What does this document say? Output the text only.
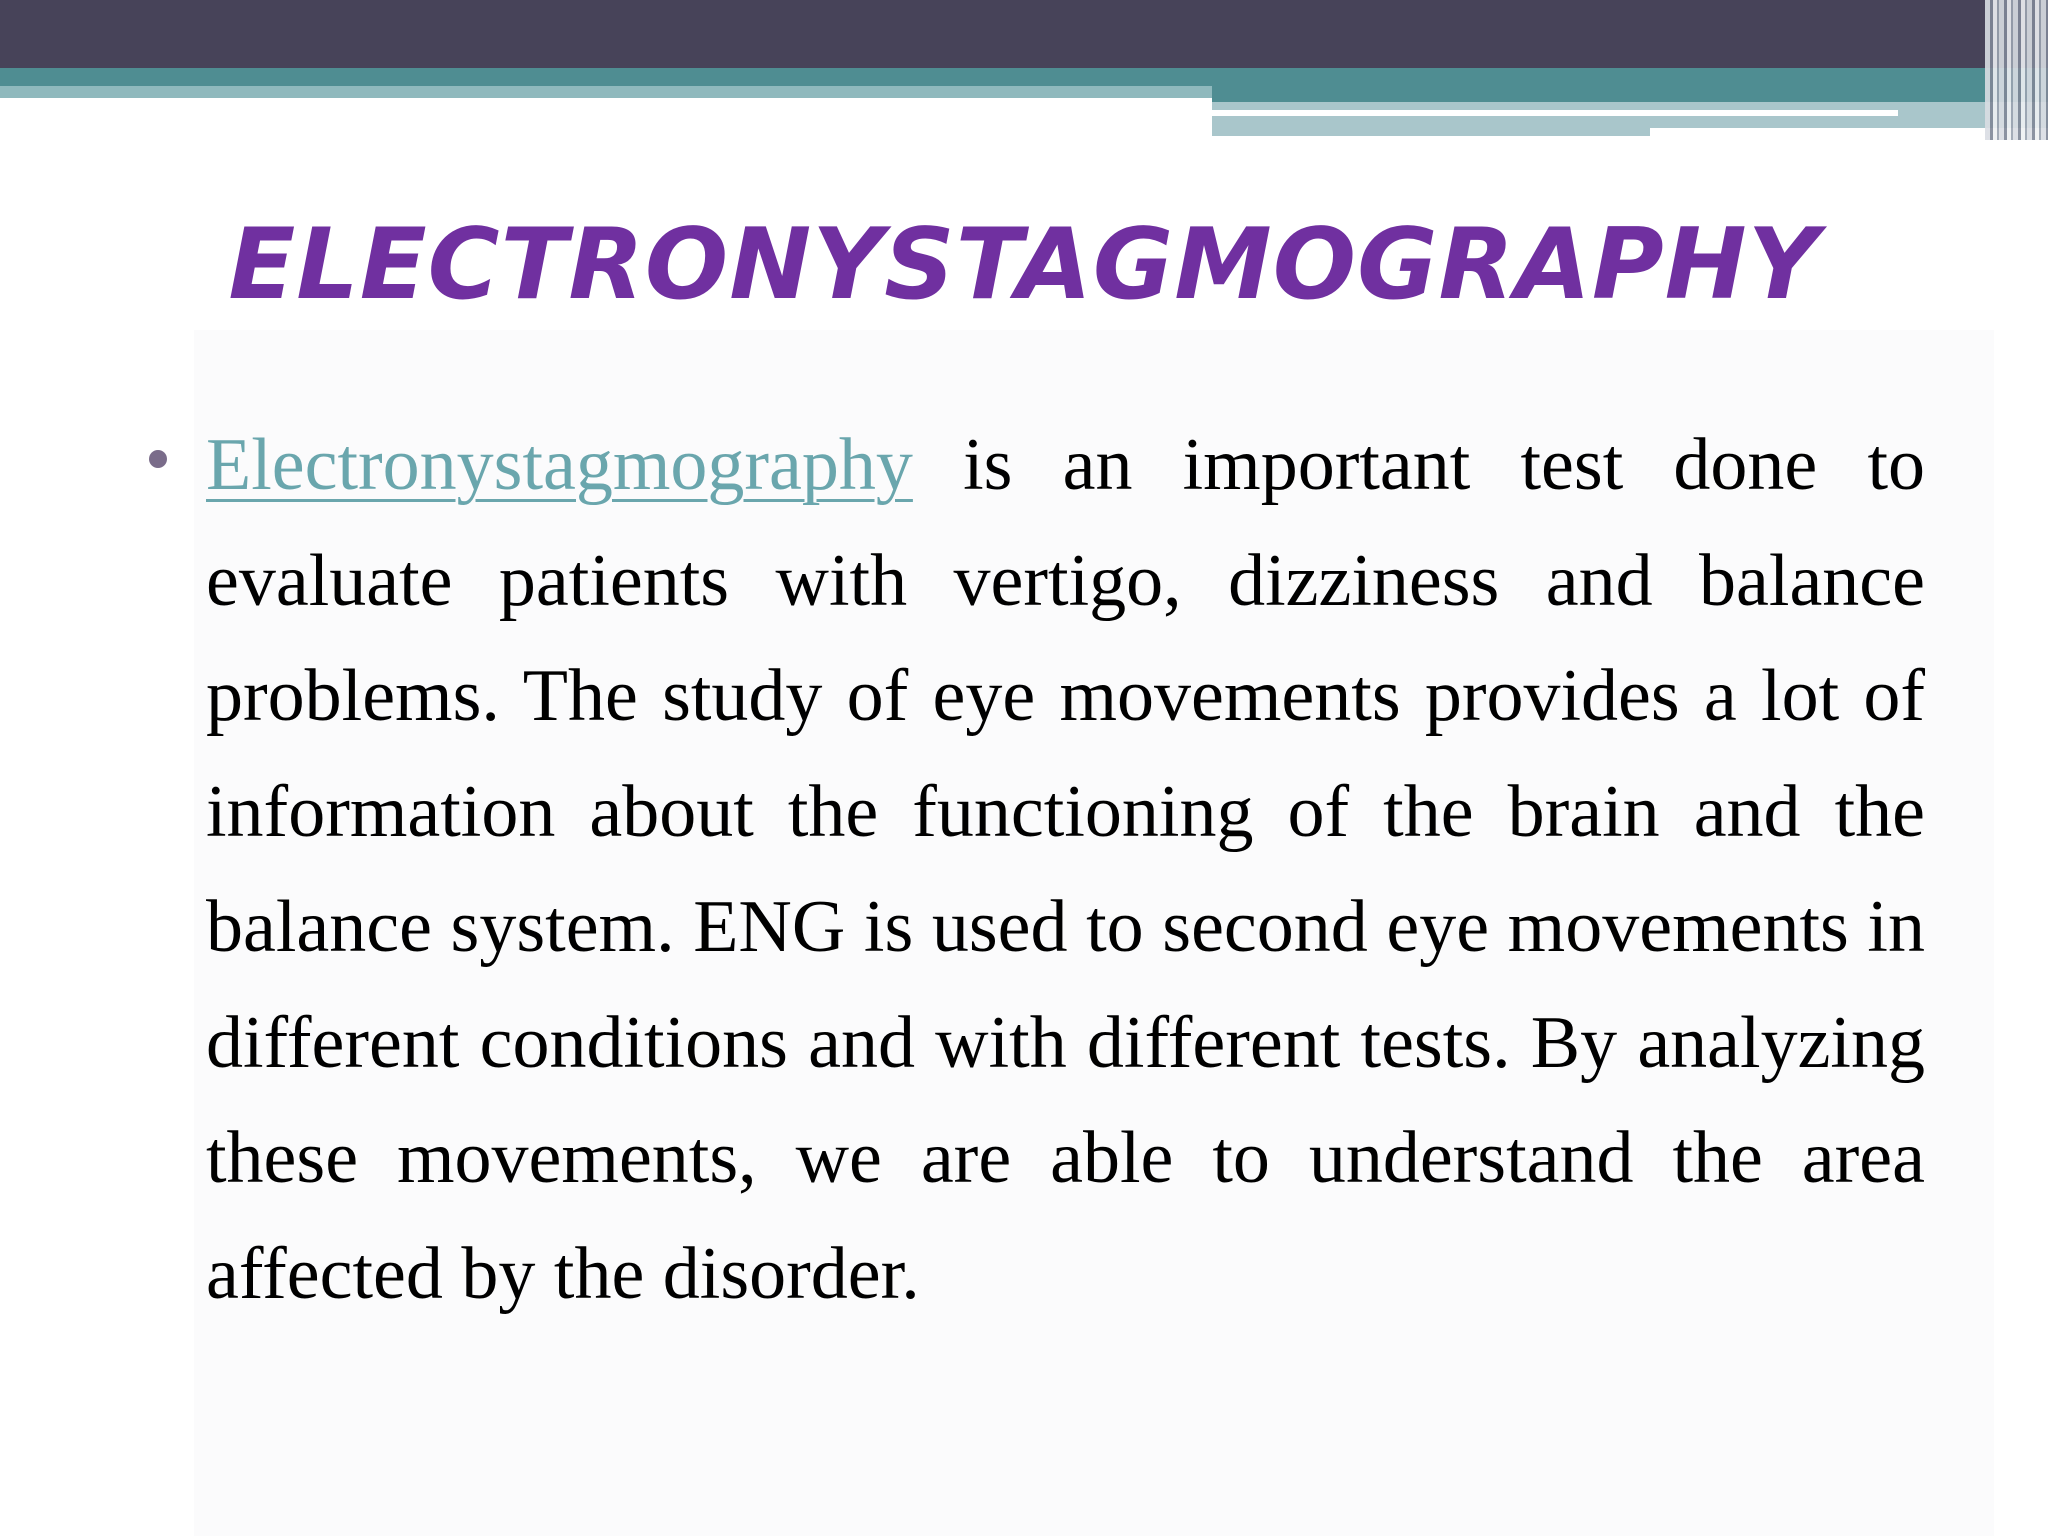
ELECTRONYSTAGMOGRAPHY
Electronystagmography is an important test done to evaluate patients with vertigo, dizziness and balance problems. The study of eye movements provides a lot of information about the functioning of the brain and the balance system. ENG is used to second eye movements in different conditions and with different tests. By analyzing these movements, we are able to understand the area affected by the disorder.
